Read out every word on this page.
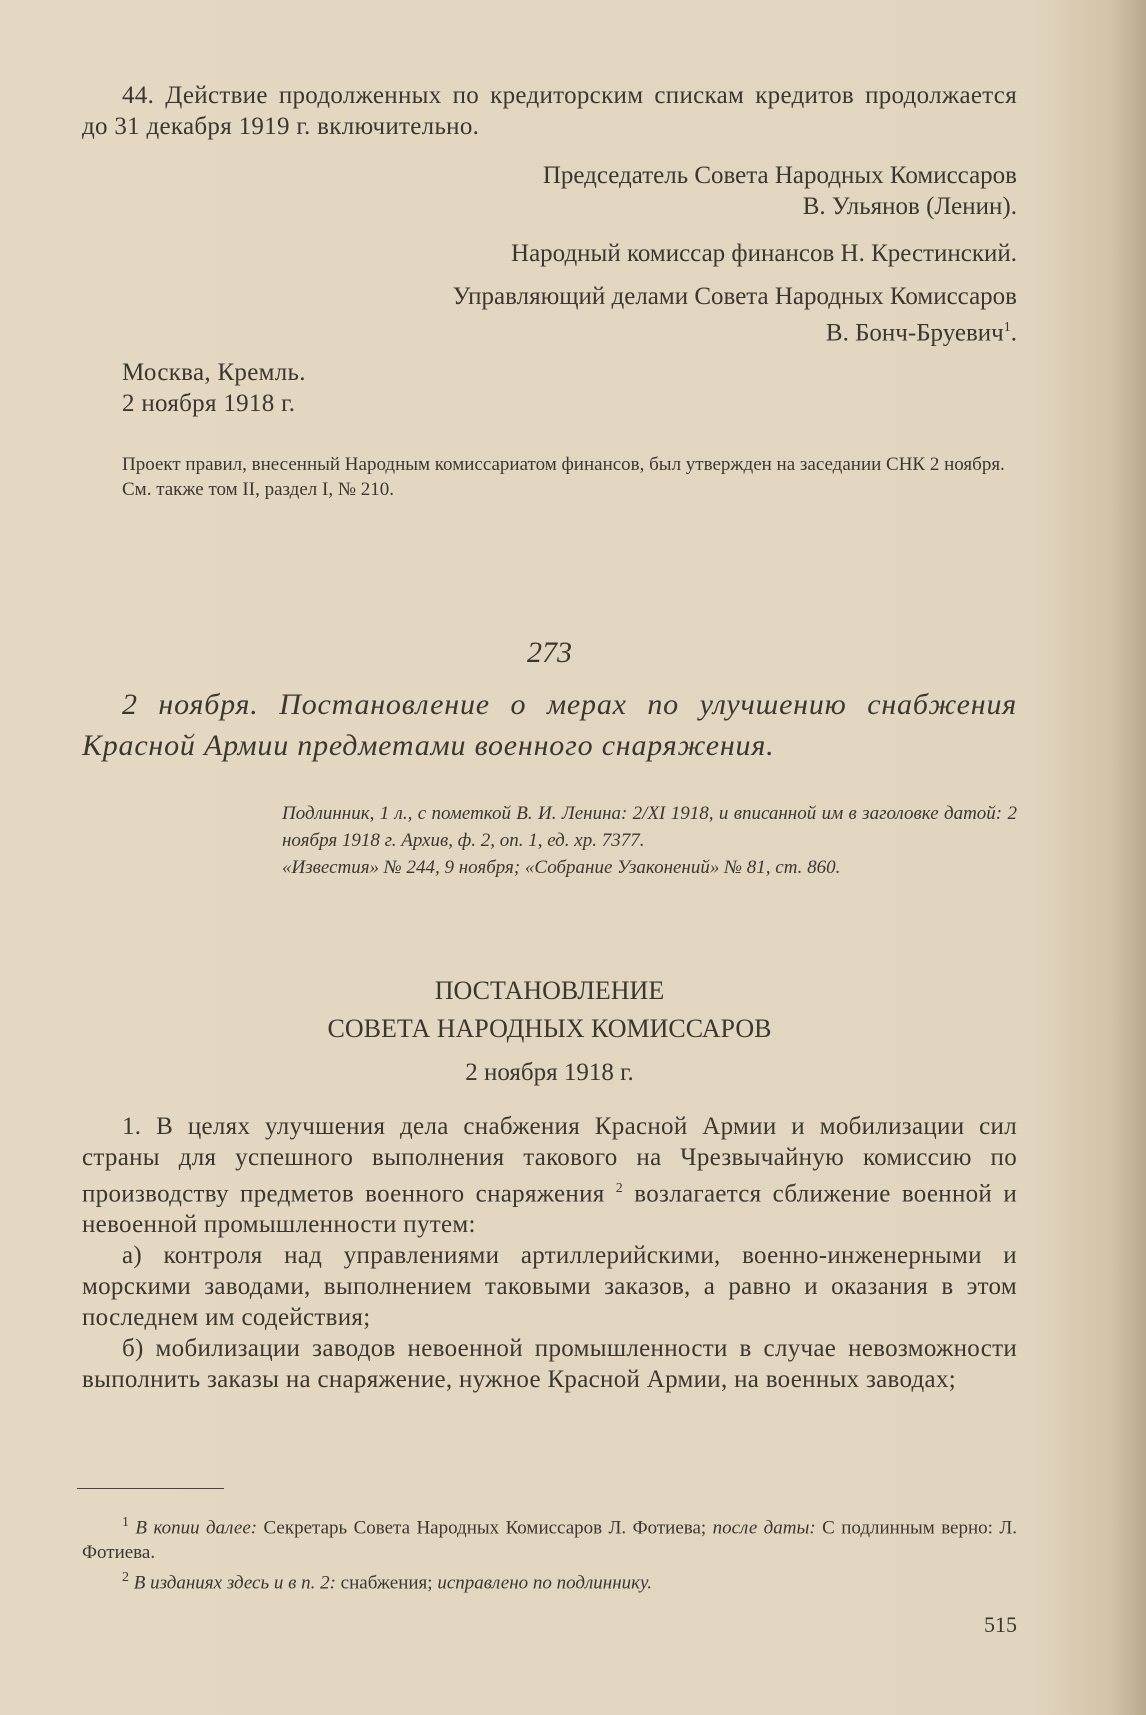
44. Действие продолженных по кредиторским спискам кредитов продолжается до 31 декабря 1919 г. включительно.

Председатель Совета Народных Комиссаров
В. Ульянов (Ленин).
Народный комиссар финансов Н. Крестинский.
Управляющий делами Совета Народных Комиссаров
В. Бонч-Бруевич$^1$.
Москва, Кремль.
2 ноября 1918 г.

Проект правил, внесенный Народным комиссариатом финансов, был утвержден на заседании СНК 2 ноября.

См. также том II, раздел I, № 210.

273
2 ноября. Постановление о мерах по улучшению снабжения Красной Армии предметами военного снаряжения.

Подлинник, 1 л., с пометкой В. И. Ленина: 2/XI 1918, и вписанной им в заголовке датой: 2 ноября 1918 г. Архив, ф. 2, оп. 1, ед. хр. 7377.

«Известия» № 244, 9 ноября; «Собрание Узаконений» № 81, ст. 860.

ПОСТАНОВЛЕНИЕ
СОВЕТА НАРОДНЫХ КОМИССАРОВ
2 ноября 1918 г.

1. В целях улучшения дела снабжения Красной Армии и мобилизации сил страны для успешного выполнения такового на Чрезвычайную комиссию по производству предметов военного снаряжения $^2$ возлагается сближение военной и невоенной промышленности путем:

а) контроля над управлениями артиллерийскими, военно-инженерными и морскими заводами, выполнением таковыми заказов, а равно и оказания в этом последнем им содействия;

б) мобилизации заводов невоенной промышленности в случае невозможности выполнить заказы на снаряжение, нужное Красной Армии, на военных заводах;

$^1$ В копии далее: Секретарь Совета Народных Комиссаров Л. Фотиева; после даты: С подлинным верно: Л. Фотиева.

$^2$ В изданиях здесь и в п. 2: снабжения; исправлено по подлиннику.

515
